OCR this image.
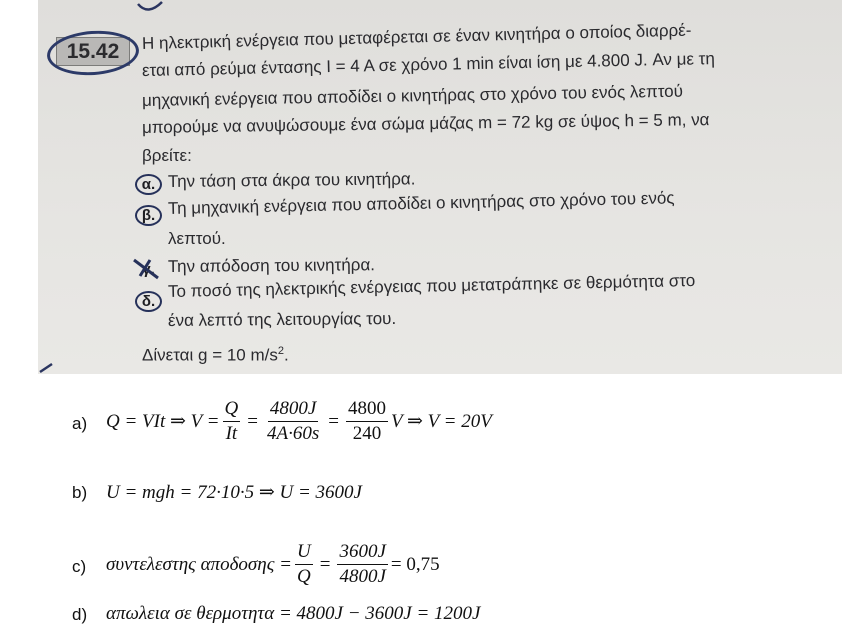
15.42	Η ηλεκτρική ενέργεια που μεταφέρεται σε έναν κινητήρα ο οποίος διαρρέ-
εται από ρεύμα έντασης I = 4 A σε χρόνο 1 min είναι ίση με 4.800 J. Αν με τη
μηχανική ενέργεια που αποδίδει ο κινητήρας στο χρόνο του ενός λεπτού
μπορούμε να ανυψώσουμε ένα σώμα μάζας m = 72 kg σε ύψος h = 5 m, να
βρείτε:
α. Την τάση στα άκρα του κινητήρα.
β. Τη μηχανική ενέργεια που αποδίδει ο κινητήρας στο χρόνο του ενός
λεπτού.
γ. Την απόδοση του κινητήρα.
δ.
Το ποσό της ηλεκτρικής ενέργειας που μετατράπηκε σε θερμότητα στο
ένα λεπτό της λειτουργίας του.
Δίνεται g = 10 $m/s^2$.
a) Q = VIt ⇒ $V = \frac{Q}{It} = \frac{4800J}{4A\cdot 60s} = \frac{4800}{240}$ V ⇒ V = 20V
b) U = mgh = 72·10·5 ⇒ U = 3600J
c) συντελεστης $\alpha\pi o\delta o\sigma\eta\varsigma = \frac{U}{Q} = \frac{3600J}{4800J} = 0,75$
d) απωλεια σε θερμοτητα = 4800J − 3600J = 1200J
